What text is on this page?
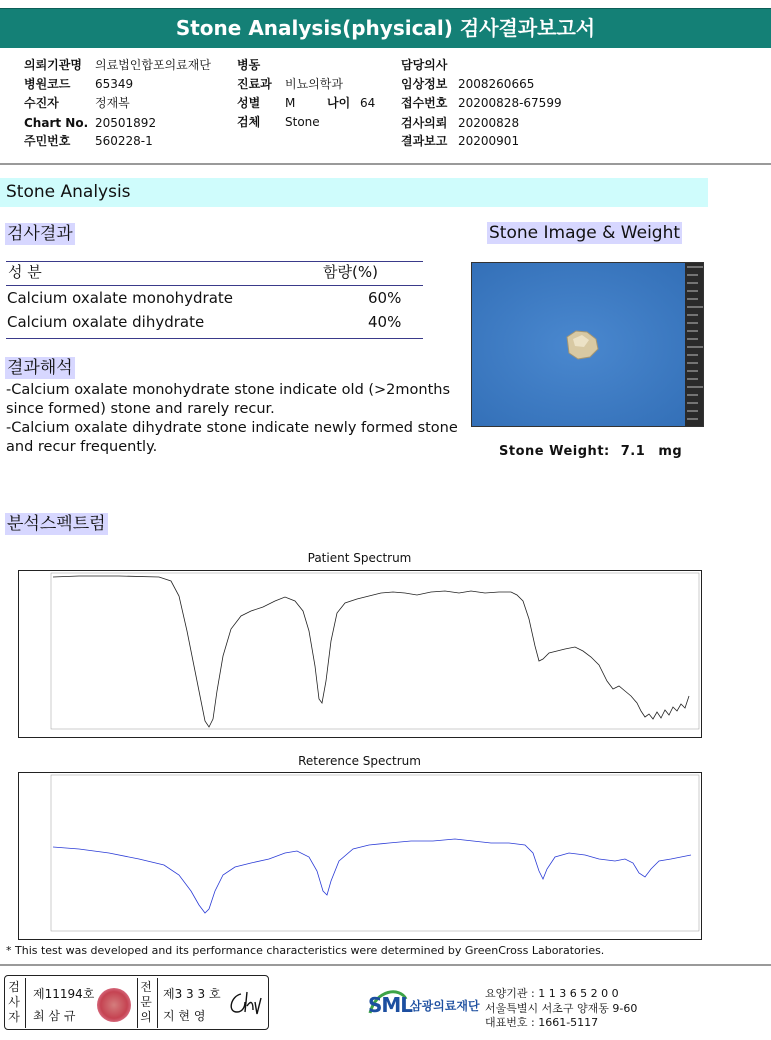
Stone Analysis(physical) 검사결과보고서
의뢰기관명 의료법인합포의료재단
병원코드 65349
수진자	정재복
Chart No. 20501892
주민번호 560228-1
병동
진료과 비뇨의학과
성별 M	나이 64
검체 Stone
담당의사
임상정보 2008260665
접수번호 20200828-67599
검사의뢰 20200828
결과보고 20200901
Stone Analysis
검사결과
성 분	함량(%)
Calcium oxalate monohydrate	60%
Calcium oxalate dihydrate	40%
결과해석
-Calcium oxalate monohydrate stone indicate old (>2months since formed) stone and rarely recur.
-Calcium oxalate dihydrate stone indicate newly formed stone and recur frequently.
Stone Image & Weight
Stone Weight: 7.1 mg
분석스펙트럼
Patient Spectrum
Reterence Spectrum
* This test was developed and its performance characteristics were determined by GreenCross Laboratories.
검
사
자
제11194호
최 삼 규
전
문
의
제3 3 3 호
지 현 영	SML
삼광의료재단
요양기관 : 1 1 3 6 5 2 0 0
서울특별시 서초구 양재동 9-60
대표번호 : 1661-5117
